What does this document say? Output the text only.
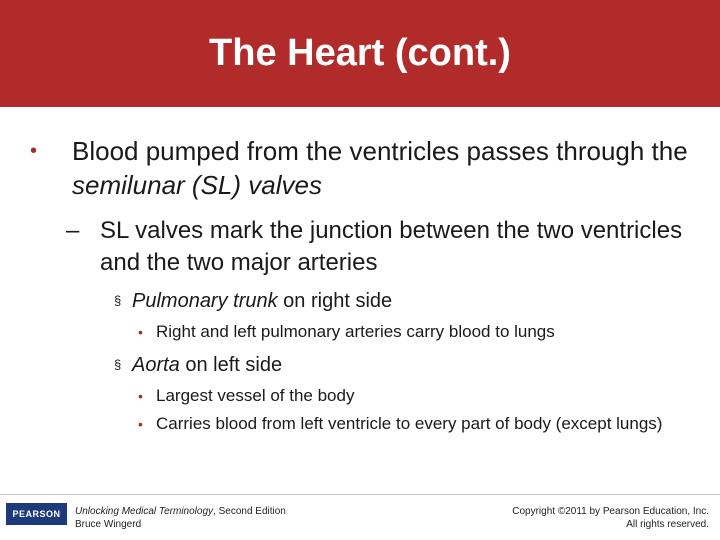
The Heart (cont.)
• Blood pumped from the ventricles passes through the semilunar (SL) valves
– SL valves mark the junction between the two ventricles and the two major arteries
§ Pulmonary trunk on right side
• Right and left pulmonary arteries carry blood to lungs
§ Aorta on left side
• Largest vessel of the body
• Carries blood from left ventricle to every part of body (except lungs)
PEARSON	Unlocking Medical Terminology, Second Edition
Bruce Wingerd
Copyright ©2011 by Pearson Education, Inc.
All rights reserved.
